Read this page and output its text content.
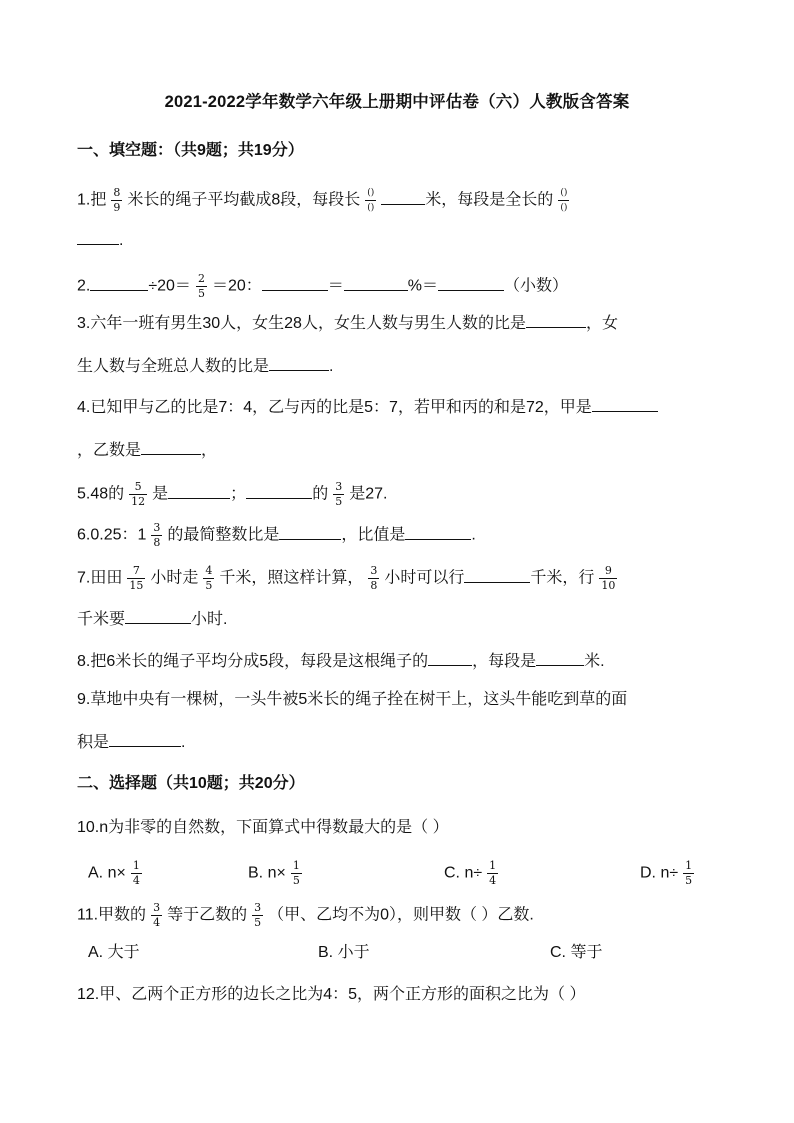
2021-2022学年数学六年级上册期中评估卷（六）人教版含答案
一、填空题：（共9题；共19分）
1.把 $\frac{8}{9}$ 米长的绳子平均截成8段，每段长 $\frac{()}{()}$	米，每段是全长的 $\frac{()}{()}$
.
2.	$\div 20= \frac{2}{5} =20$：	＝	%＝	（小数）
3.六年一班有男生30人，女生28人，女生人数与男生人数的比是	，女
生人数与全班总人数的比是	.
4.已知甲与乙的比是7：4，乙与丙的比是5：7，若甲和丙的和是72，甲是
，乙数是	，
5.48的 $\frac{5}{12}$ 是	；	的 $\frac{3}{5}$ 是27.
6.0.25：$1 \frac{3}{8}$ 的最简整数比是	，比值是	.
7.田田 $\frac{7}{15}$ 小时走 $\frac{4}{5}$ 千米，照这样计算， $\frac{3}{8}$ 小时可以行	千米，行 $\frac{9}{10}$
千米要	小时.
8.把6米长的绳子平均分成5段，每段是这根绳子的	，每段是	米.
9.草地中央有一棵树，一头牛被5米长的绳子拴在树干上，这头牛能吃到草的面
积是	.
二、选择题（共10题；共20分）
10.n为非零的自然数，下面算式中得数最大的是（ ）
A. $n\times \frac{1}{4}$	B. $n\times \frac{1}{5}$	C. $n\div \frac{1}{4}$	D. $n\div \frac{1}{5}$
11.甲数的 $\frac{3}{4}$ 等于乙数的 $\frac{3}{5}$ （甲、乙均不为0），则甲数（ ）乙数.
A. 大于	B. 小于	C. 等于
12.甲、乙两个正方形的边长之比为4：5，两个正方形的面积之比为（ ）
